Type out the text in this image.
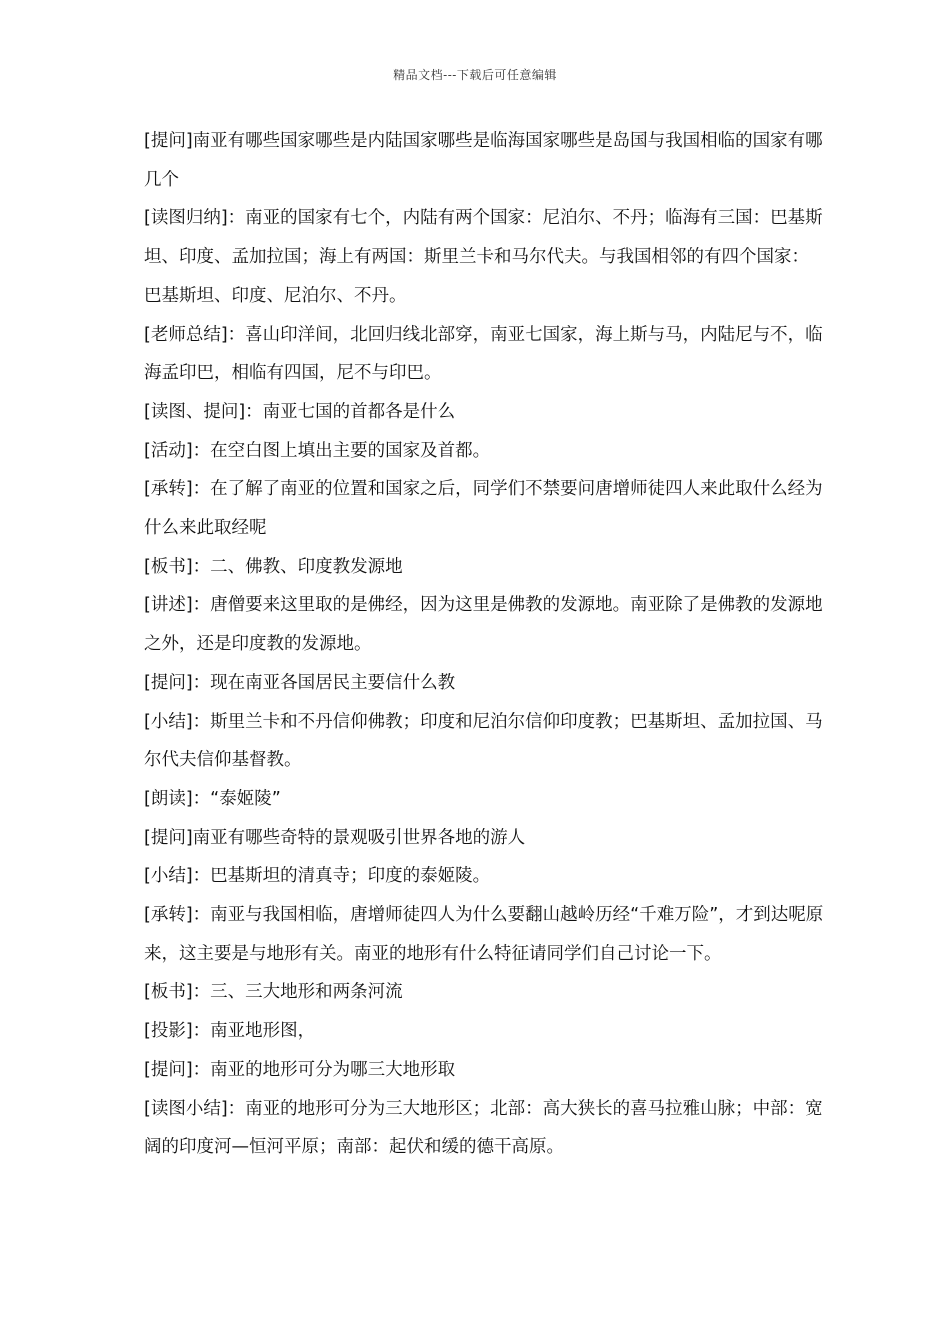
精品文档---下载后可任意编辑

[提问]南亚有哪些国家哪些是内陆国家哪些是临海国家哪些是岛国与我国相临的国家有哪几个

[读图归纳]：南亚的国家有七个，内陆有两个国家：尼泊尔、不丹；临海有三国：巴基斯坦、印度、孟加拉国；海上有两国：斯里兰卡和马尔代夫。与我国相邻的有四个国家：巴基斯坦、印度、尼泊尔、不丹。

[老师总结]：喜山印洋间，北回归线北部穿，南亚七国家，海上斯与马，内陆尼与不，临海孟印巴，相临有四国，尼不与印巴。

[读图、提问]：南亚七国的首都各是什么

[活动]：在空白图上填出主要的国家及首都。

[承转]：在了解了南亚的位置和国家之后，同学们不禁要问唐增师徒四人来此取什么经为什么来此取经呢

[板书]：二、佛教、印度教发源地

[讲述]：唐僧要来这里取的是佛经，因为这里是佛教的发源地。南亚除了是佛教的发源地之外，还是印度教的发源地。

[提问]：现在南亚各国居民主要信什么教

[小结]：斯里兰卡和不丹信仰佛教；印度和尼泊尔信仰印度教；巴基斯坦、孟加拉国、马尔代夫信仰基督教。

[朗读]：“泰姬陵”

[提问]南亚有哪些奇特的景观吸引世界各地的游人

[小结]：巴基斯坦的清真寺；印度的泰姬陵。

[承转]：南亚与我国相临，唐增师徒四人为什么要翻山越岭历经“千难万险”，才到达呢原来，这主要是与地形有关。南亚的地形有什么特征请同学们自己讨论一下。

[板书]：三、三大地形和两条河流

[投影]：南亚地形图，

[提问]：南亚的地形可分为哪三大地形取

[读图小结]：南亚的地形可分为三大地形区；北部：高大狭长的喜马拉雅山脉；中部：宽阔的印度河—恒河平原；南部：起伏和缓的德干高原。
